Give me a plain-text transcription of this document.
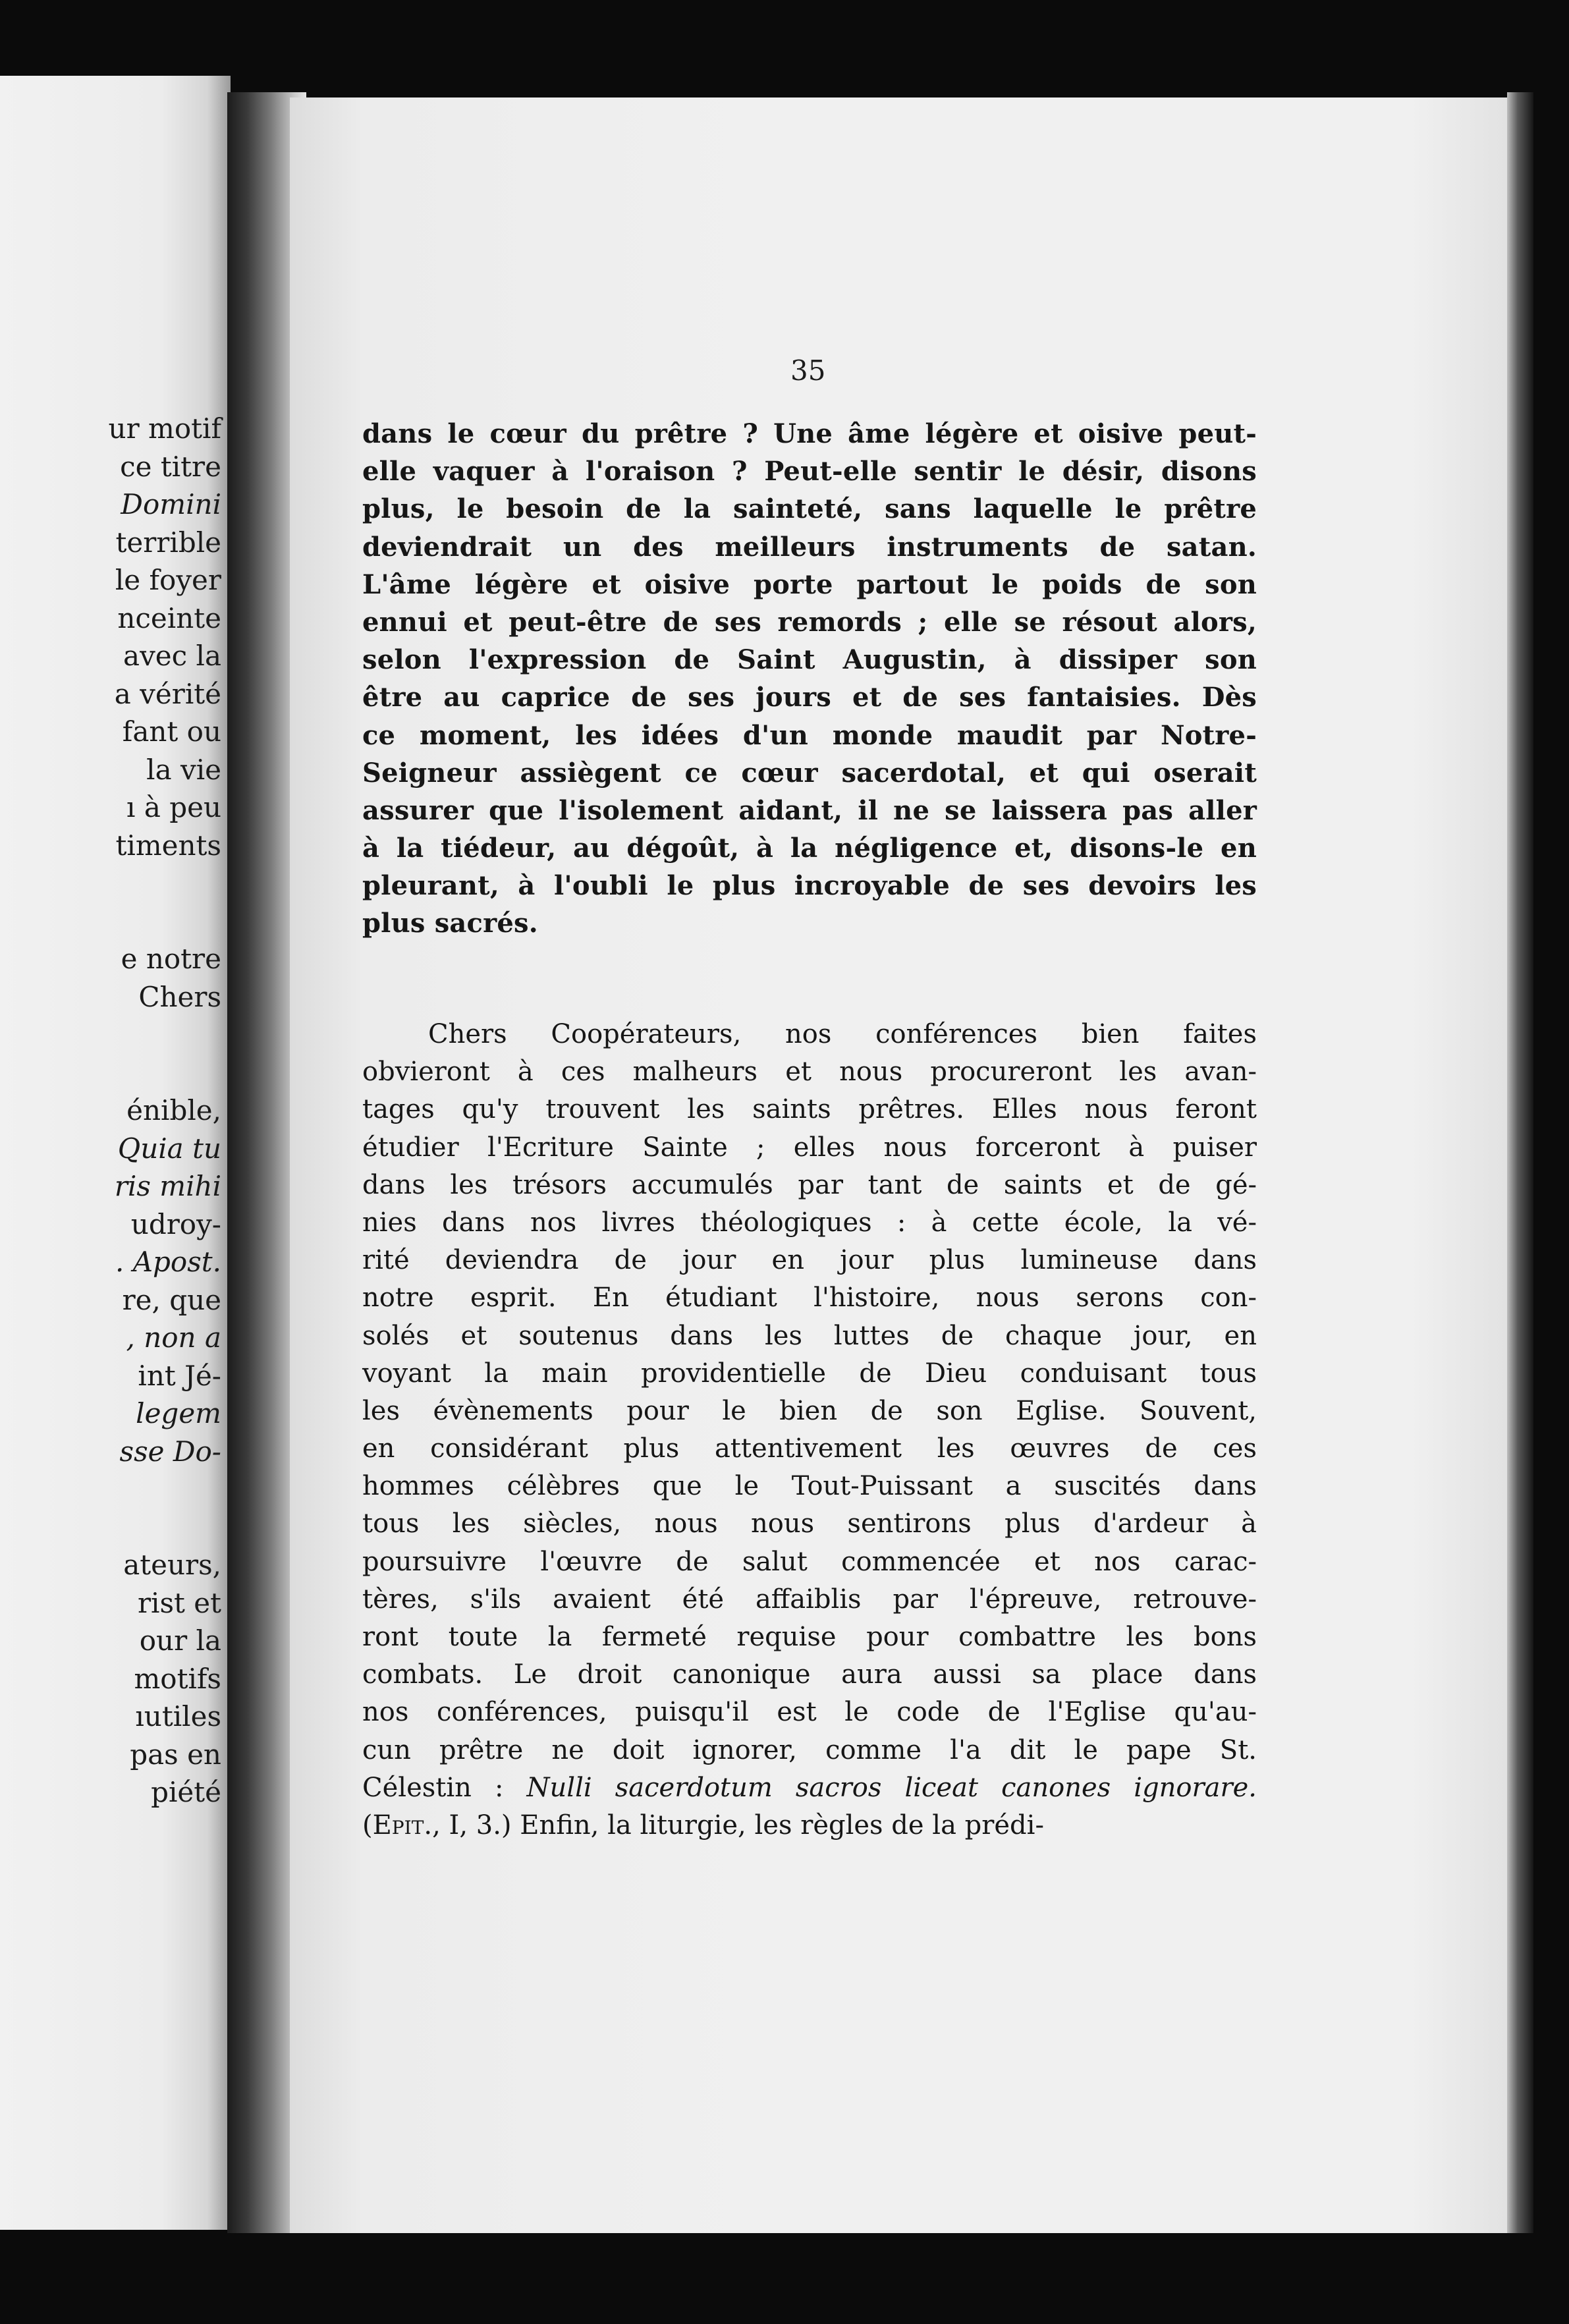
ur motif
ce titre
Domini
terrible
le foyer
nceinte
avec la
a vérité
fant ou
la vie
ı à peu
timents
e notre
Chers
énible,
Quia tu
ris mihi
udroy-
. Apost.
re, que
, non a
int Jé-
legem
sse Do-
ateurs,
rist et
our la
motifs
ıutiles
pas en
piété
35
dans le cœur du prêtre ? Une âme légère et oisive peut-
elle vaquer à l'oraison ? Peut-elle sentir le désir, disons
plus, le besoin de la sainteté, sans laquelle le prêtre
deviendrait un des meilleurs instruments de satan.
L'âme légère et oisive porte partout le poids de son
ennui et peut-être de ses remords ; elle se résout alors,
selon l'expression de Saint Augustin, à dissiper son
être au caprice de ses jours et de ses fantaisies. Dès
ce moment, les idées d'un monde maudit par Notre-
Seigneur assiègent ce cœur sacerdotal, et qui oserait
assurer que l'isolement aidant, il ne se laissera pas aller
à la tiédeur, au dégoût, à la négligence et, disons-le en
pleurant, à l'oubli le plus incroyable de ses devoirs les
plus sacrés.
Chers Coopérateurs, nos conférences bien faites
obvieront à ces malheurs et nous procureront les avan-
tages qu'y trouvent les saints prêtres. Elles nous feront
étudier l'Ecriture Sainte ; elles nous forceront à puiser
dans les trésors accumulés par tant de saints et de gé-
nies dans nos livres théologiques : à cette école, la vé-
rité deviendra de jour en jour plus lumineuse dans
notre esprit. En étudiant l'histoire, nous serons con-
solés et soutenus dans les luttes de chaque jour, en
voyant la main providentielle de Dieu conduisant tous
les évènements pour le bien de son Eglise. Souvent,
en considérant plus attentivement les œuvres de ces
hommes célèbres que le Tout-Puissant a suscités dans
tous les siècles, nous nous sentirons plus d'ardeur à
poursuivre l'œuvre de salut commencée et nos carac-
tères, s'ils avaient été affaiblis par l'épreuve, retrouve-
ront toute la fermeté requise pour combattre les bons
combats. Le droit canonique aura aussi sa place dans
nos conférences, puisqu'il est le code de l'Eglise qu'au-
cun prêtre ne doit ignorer, comme l'a dit le pape St.
Célestin : Nulli sacerdotum sacros liceat canones ignorare.
(Epit., I, 3.) Enfin, la liturgie, les règles de la prédi-
